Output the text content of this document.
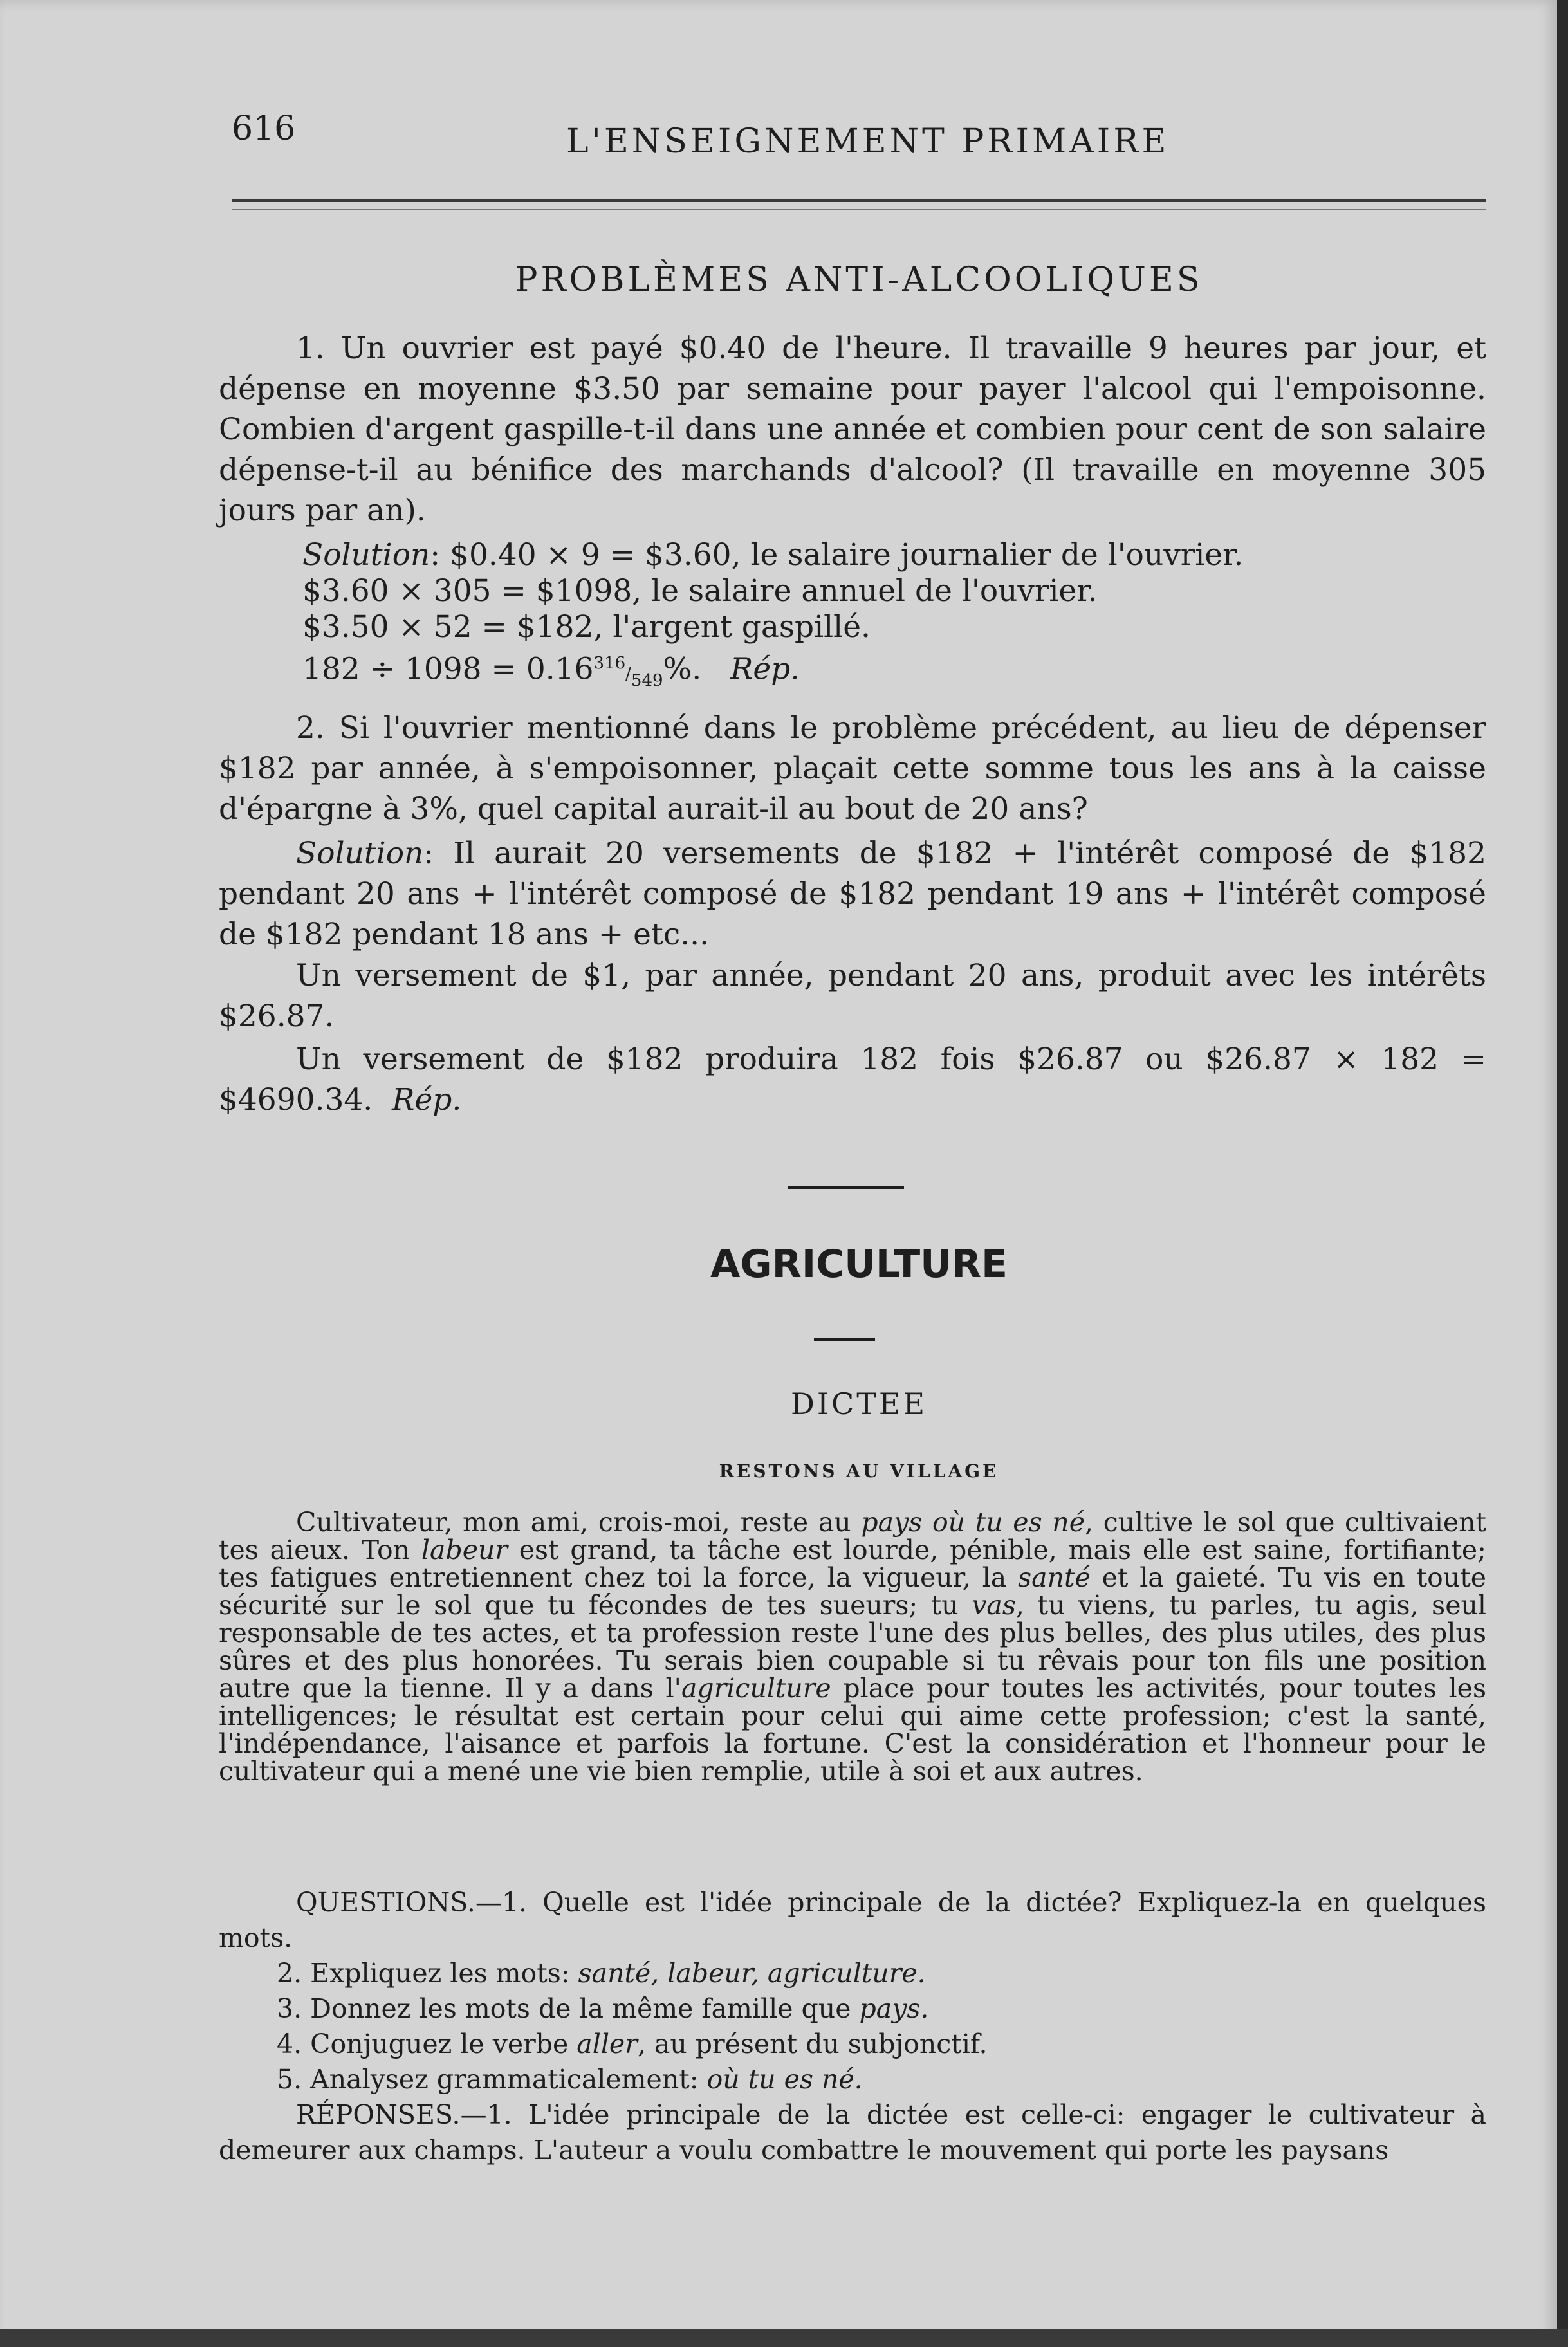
616	L'ENSEIGNEMENT PRIMAIRE
PROBLÈMES ANTI-ALCOOLIQUES

1. Un ouvrier est payé $0.40 de l'heure. Il travaille 9 heures par jour, et dépense en moyenne $3.50 par semaine pour payer l'alcool qui l'empoisonne. Combien d'argent gaspille-t-il dans une année et combien pour cent de son salaire dépense-t-il au bénifice des marchands d'alcool? (Il travaille en moyenne 305 jours par an).

Solution: $0.40 × 9 = $3.60, le salaire journalier de l'ouvrier.
$3.60 × 305 = $1098, le salaire annuel de l'ouvrier.
$3.50 × 52 = $182, l'argent gaspillé.
$182 \div 1098 = 0.16^{316}/_{549}\%$. Rép.

2. Si l'ouvrier mentionné dans le problème précédent, au lieu de dépenser $182 par année, à s'empoisonner, plaçait cette somme tous les ans à la caisse d'épargne à 3%, quel capital aurait-il au bout de 20 ans?

Solution: Il aurait 20 versements de $182 + l'intérêt composé de $182 pendant 20 ans + l'intérêt composé de $182 pendant 19 ans + l'intérêt composé de $182 pendant 18 ans + etc...

Un versement de $1, par année, pendant 20 ans, produit avec les intérêts $26.87.

Un versement de $182 produira 182 fois $26.87 ou $26.87 × 182 = $4690.34. Rép.

AGRICULTURE
DICTEE
RESTONS AU VILLAGE

Cultivateur, mon ami, crois-moi, reste au pays où tu es né, cultive le sol que cultivaient tes aieux. Ton labeur est grand, ta tâche est lourde, pénible, mais elle est saine, fortifiante; tes fatigues entretiennent chez toi la force, la vigueur, la santé et la gaieté. Tu vis en toute sécurité sur le sol que tu fécondes de tes sueurs; tu vas, tu viens, tu parles, tu agis, seul responsable de tes actes, et ta profession reste l'une des plus belles, des plus utiles, des plus sûres et des plus honorées. Tu serais bien coupable si tu rêvais pour ton fils une position autre que la tienne. Il y a dans l'agriculture place pour toutes les activités, pour toutes les intelligences; le résultat est certain pour celui qui aime cette profession; c'est la santé, l'indépendance, l'aisance et parfois la fortune. C'est la considération et l'honneur pour le cultivateur qui a mené une vie bien remplie, utile à soi et aux autres.

QUESTIONS.—1. Quelle est l'idée principale de la dictée? Expliquez-la en quelques mots.

2. Expliquez les mots: santé, labeur, agriculture.

3. Donnez les mots de la même famille que pays.

4. Conjuguez le verbe aller, au présent du subjonctif.

5. Analysez grammaticalement: où tu es né.

RÉPONSES.—1. L'idée principale de la dictée est celle-ci: engager le cultivateur à demeurer aux champs. L'auteur a voulu combattre le mouvement qui porte les paysans
